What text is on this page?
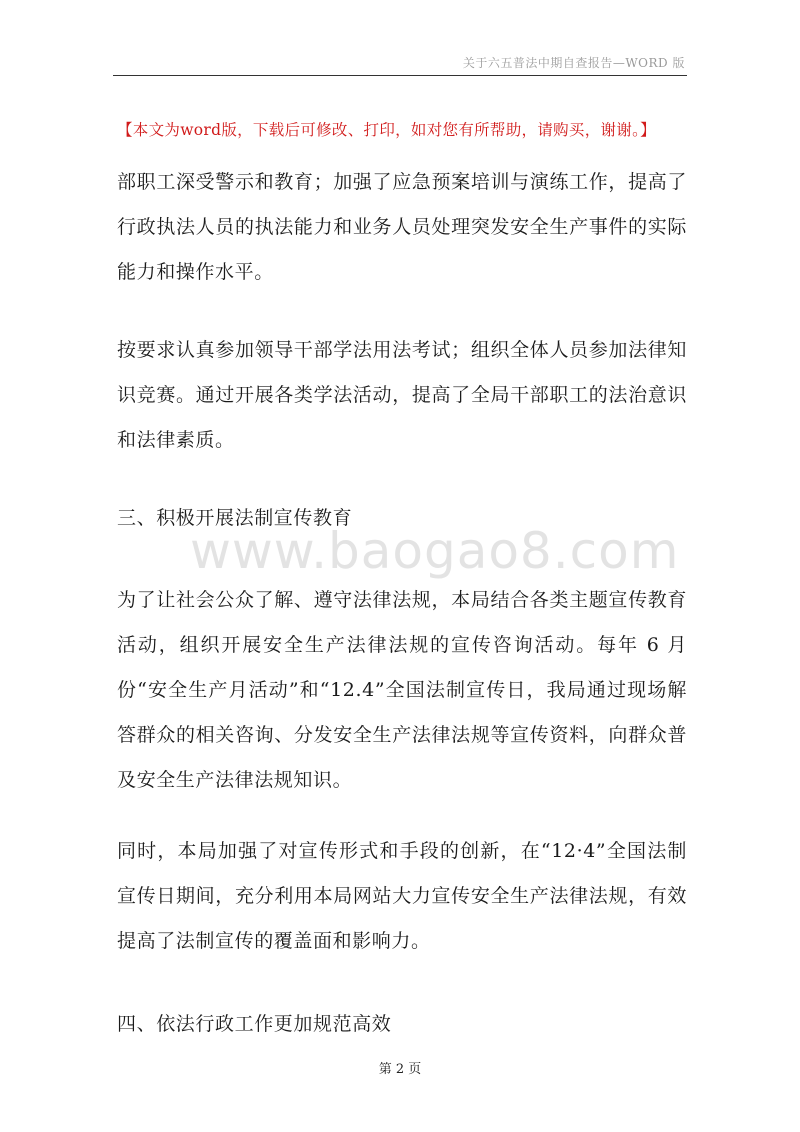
关于六五普法中期自查报告—WORD 版
【本文为word版，下载后可修改、打印，如对您有所帮助，请购买，谢谢。】

部职工深受警示和教育；加强了应急预案培训与演练工作，提高了行政执法人员的执法能力和业务人员处理突发安全生产事件的实际能力和操作水平。

按要求认真参加领导干部学法用法考试；组织全体人员参加法律知识竞赛。通过开展各类学法活动，提高了全局干部职工的法治意识和法律素质。

三、积极开展法制宣传教育
www.baogao8.com

为了让社会公众了解、遵守法律法规，本局结合各类主题宣传教育活动，组织开展安全生产法律法规的宣传咨询活动。每年 6 月份“安全生产月活动”和“12.4”全国法制宣传日，我局通过现场解答群众的相关咨询、分发安全生产法律法规等宣传资料，向群众普及安全生产法律法规知识。

同时，本局加强了对宣传形式和手段的创新，在“12·4”全国法制宣传日期间，充分利用本局网站大力宣传安全生产法律法规，有效提高了法制宣传的覆盖面和影响力。

四、依法行政工作更加规范高效
第 2 页
